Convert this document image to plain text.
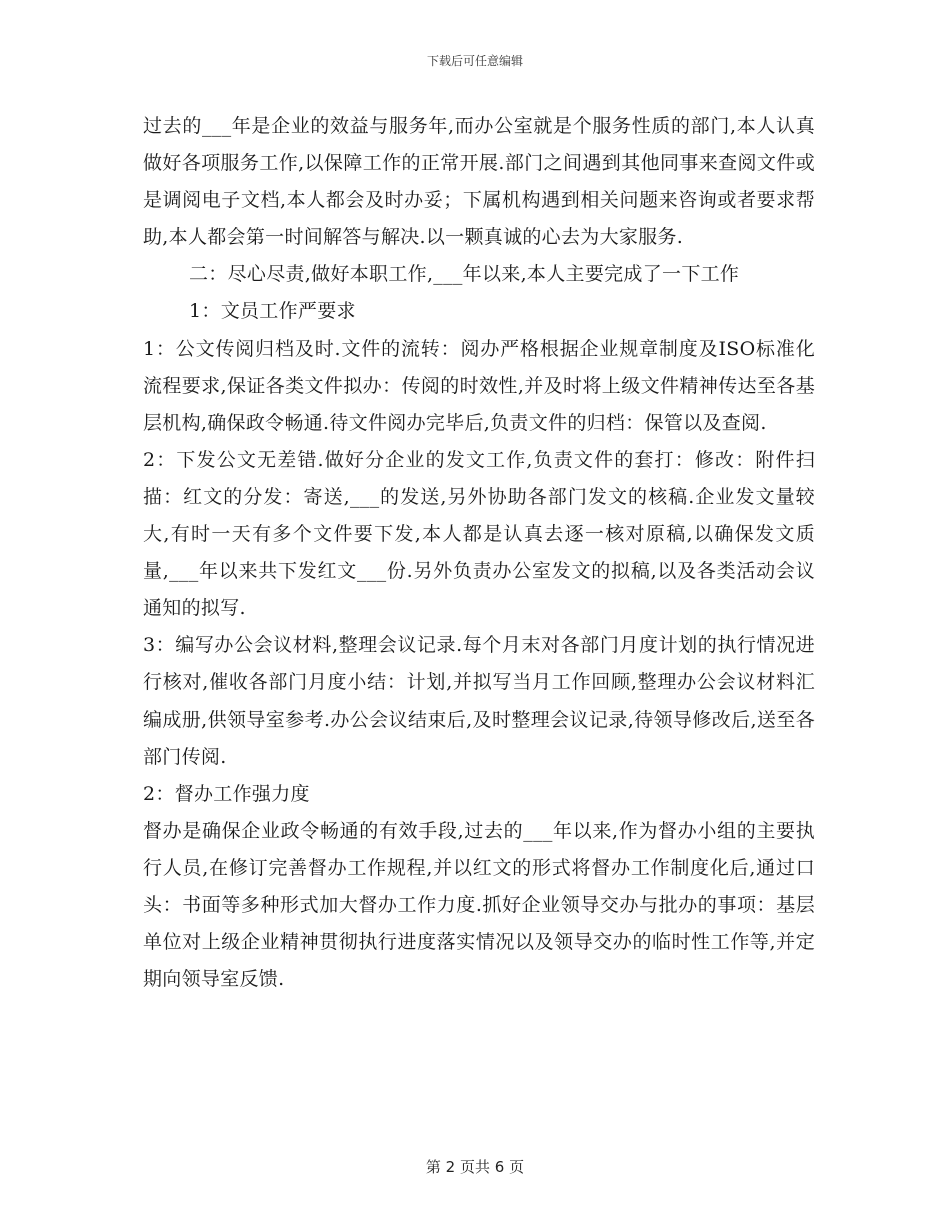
下载后可任意编辑

过去的___年是企业的效益与服务年,而办公室就是个服务性质的部门,本人认真做好各项服务工作,以保障工作的正常开展.部门之间遇到其他同事来查阅文件或是调阅电子文档,本人都会及时办妥；下属机构遇到相关问题来咨询或者要求帮助,本人都会第一时间解答与解决.以一颗真诚的心去为大家服务.

二：尽心尽责,做好本职工作,___年以来,本人主要完成了一下工作

1：文员工作严要求

1：公文传阅归档及时.文件的流转：阅办严格根据企业规章制度及ISO标准化流程要求,保证各类文件拟办：传阅的时效性,并及时将上级文件精神传达至各基层机构,确保政令畅通.待文件阅办完毕后,负责文件的归档：保管以及查阅.

2：下发公文无差错.做好分企业的发文工作,负责文件的套打：修改：附件扫描：红文的分发：寄送,___的发送,另外协助各部门发文的核稿.企业发文量较大,有时一天有多个文件要下发,本人都是认真去逐一核对原稿,以确保发文质量,___年以来共下发红文___份.另外负责办公室发文的拟稿,以及各类活动会议通知的拟写.

3：编写办公会议材料,整理会议记录.每个月末对各部门月度计划的执行情况进行核对,催收各部门月度小结：计划,并拟写当月工作回顾,整理办公会议材料汇编成册,供领导室参考.办公会议结束后,及时整理会议记录,待领导修改后,送至各部门传阅.

2：督办工作强力度

督办是确保企业政令畅通的有效手段,过去的___年以来,作为督办小组的主要执行人员,在修订完善督办工作规程,并以红文的形式将督办工作制度化后,通过口头：书面等多种形式加大督办工作力度.抓好企业领导交办与批办的事项：基层单位对上级企业精神贯彻执行进度落实情况以及领导交办的临时性工作等,并定期向领导室反馈.

第 2 页共 6 页
